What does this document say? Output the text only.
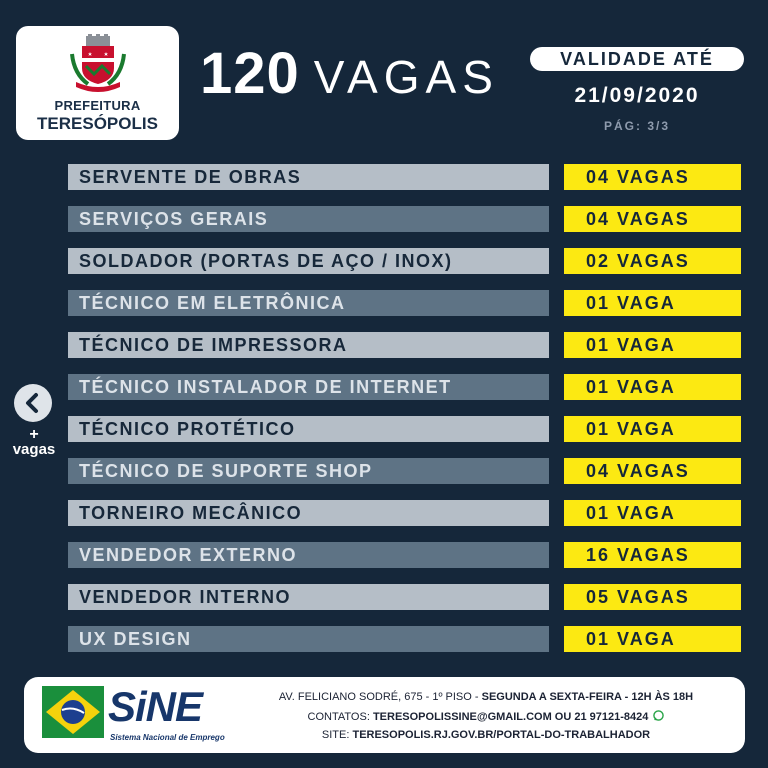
PREFEITURA
TERESÓPOLIS
120 VAGAS	VALIDADE ATÉ
21/09/2020
PÁG: 3/3
SERVENTE DE OBRAS	04 VAGAS
SERVIÇOS GERAIS	04 VAGAS
SOLDADOR (PORTAS DE AÇO / INOX)	02 VAGAS
TÉCNICO EM ELETRÔNICA	01 VAGA
TÉCNICO DE IMPRESSORA	01 VAGA
TÉCNICO INSTALADOR DE INTERNET	01 VAGA
TÉCNICO PROTÉTICO	01 VAGA
TÉCNICO DE SUPORTE SHOP	04 VAGAS
TORNEIRO MECÂNICO	01 VAGA
VENDEDOR EXTERNO	16 VAGAS
VENDEDOR INTERNO	05 VAGAS
UX DESIGN	01 VAGA
+
vagas
SiNE
Sistema Nacional de Emprego
AV. FELICIANO SODRÉ, 675 - 1º PISO - SEGUNDA A SEXTA-FEIRA - 12H ÀS 18H
CONTATOS: TERESOPOLISSINE@GMAIL.COM OU 21 97121-8424
SITE: TERESOPOLIS.RJ.GOV.BR/PORTAL-DO-TRABALHADOR
